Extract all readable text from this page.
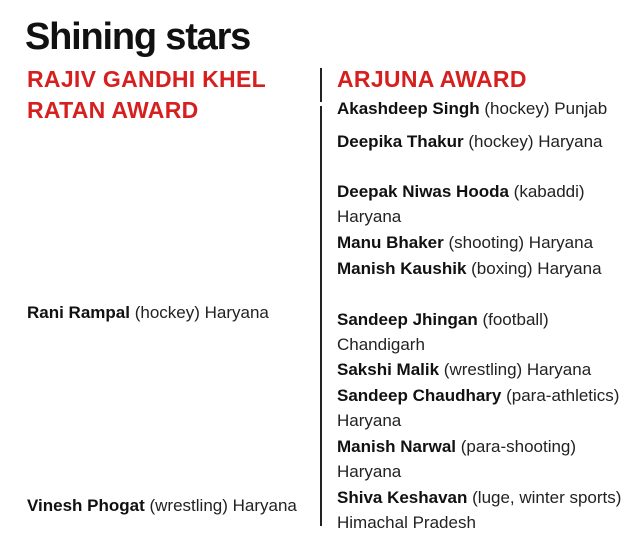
Shining stars
RAJIV GANDHI KHEL RATAN AWARD
ARJUNA AWARD
Rani Rampal (hockey) Haryana
Vinesh Phogat (wrestling) Haryana
Akashdeep Singh (hockey) Punjab
Deepika Thakur (hockey) Haryana
Deepak Niwas Hooda (kabaddi) Haryana
Manu Bhaker (shooting) Haryana
Manish Kaushik (boxing) Haryana
Sandeep Jhingan (football) Chandigarh
Sakshi Malik (wrestling) Haryana
Sandeep Chaudhary (para-athletics) Haryana
Manish Narwal (para-shooting) Haryana
Shiva Keshavan (luge, winter sports) Himachal Pradesh
